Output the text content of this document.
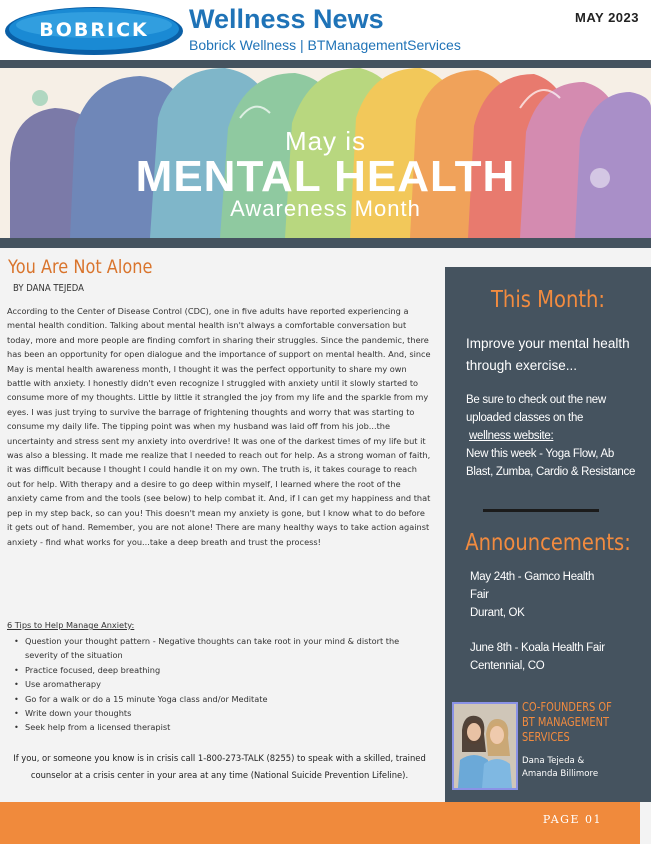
BOBRICK	Wellness News
Bobrick Wellness | BTManagementServices
MAY 2023
May is
MENTAL HEALTH
Awareness Month
You Are Not Alone
BY DANA TEJEDA
According to the Center of Disease Control (CDC), one in five adults have reported experiencing a mental health condition. Talking about mental health isn't always a comfortable conversation but today, more and more people are finding comfort in sharing their struggles. Since the pandemic, there has been an opportunity for open dialogue and the importance of support on mental health. And, since May is mental health awareness month, I thought it was the perfect opportunity to share my own battle with anxiety. I honestly didn't even recognize I struggled with anxiety until it slowly started to consume more of my thoughts. Little by little it strangled the joy from my life and the sparkle from my eyes. I was just trying to survive the barrage of frightening thoughts and worry that was starting to consume my daily life. The tipping point was when my husband was laid off from his job...the uncertainty and stress sent my anxiety into overdrive! It was one of the darkest times of my life but it was also a blessing. It made me realize that I needed to reach out for help. As a strong woman of faith, it was difficult because I thought I could handle it on my own. The truth is, it takes courage to reach out for help. With therapy and a desire to go deep within myself, I learned where the root of the anxiety came from and the tools (see below) to help combat it. And, if I can get my happiness and that pep in my step back, so can you! This doesn't mean my anxiety is gone, but I know what to do before it gets out of hand. Remember, you are not alone! There are many healthy ways to take action against anxiety - find what works for you...take a deep breath and trust the process!
6 Tips to Help Manage Anxiety:
• Question your thought pattern - Negative thoughts can take root in your mind & distort the severity of the situation
• Practice focused, deep breathing
• Use aromatherapy
• Go for a walk or do a 15 minute Yoga class and/or Meditate
• Write down your thoughts
• Seek help from a licensed therapist
If you, or someone you know is in crisis call 1-800-273-TALK (8255) to speak with a skilled, trained counselor at a crisis center in your area at any time (National Suicide Prevention Lifeline).
This Month:
Improve your mental health through exercise...
Be sure to check out the new uploaded classes on the
wellness website:
New this week - Yoga Flow, Ab Blast, Zumba, Cardio & Resistance
Announcements:
May 24th - Gamco Health
Fair
Durant, OK
June 8th - Koala Health Fair
Centennial, CO
CO-FOUNDERS OF BT MANAGEMENT SERVICES
Dana Tejeda &
Amanda Billimore
PAGE 01
